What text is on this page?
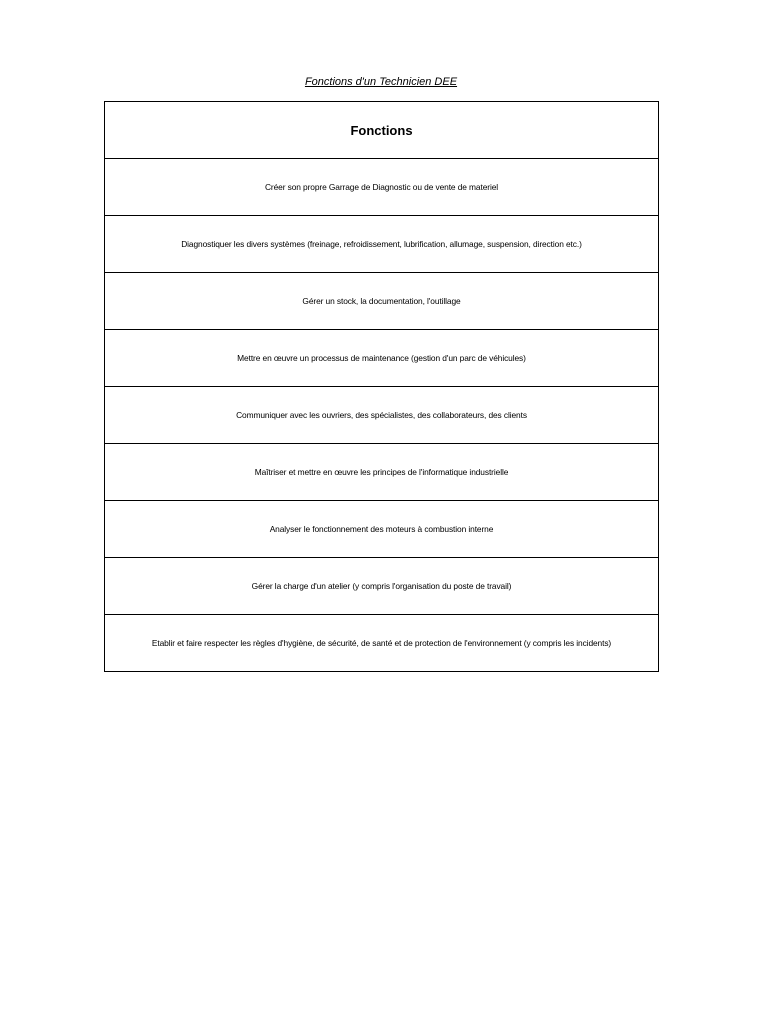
Fonctions d'un Technicien DEE
Fonctions
Créer son propre Garrage de Diagnostic ou de vente de materiel
Diagnostiquer les divers systèmes (freinage, refroidissement, lubrification, allumage, suspension, direction etc.)
Gérer un stock, la documentation, l'outillage
Mettre en œuvre un processus de maintenance (gestion d'un parc de véhicules)
Communiquer avec les ouvriers, des spécialistes, des collaborateurs, des clients
Maîtriser et mettre en œuvre les principes de l'informatique industrielle
Analyser le fonctionnement des moteurs à combustion interne
Gérer la charge d'un atelier (y compris l'organisation du poste de travail)
Etablir et faire respecter les règles d'hygiène, de sécurité, de santé et de protection de l'environnement (y compris les incidents)
